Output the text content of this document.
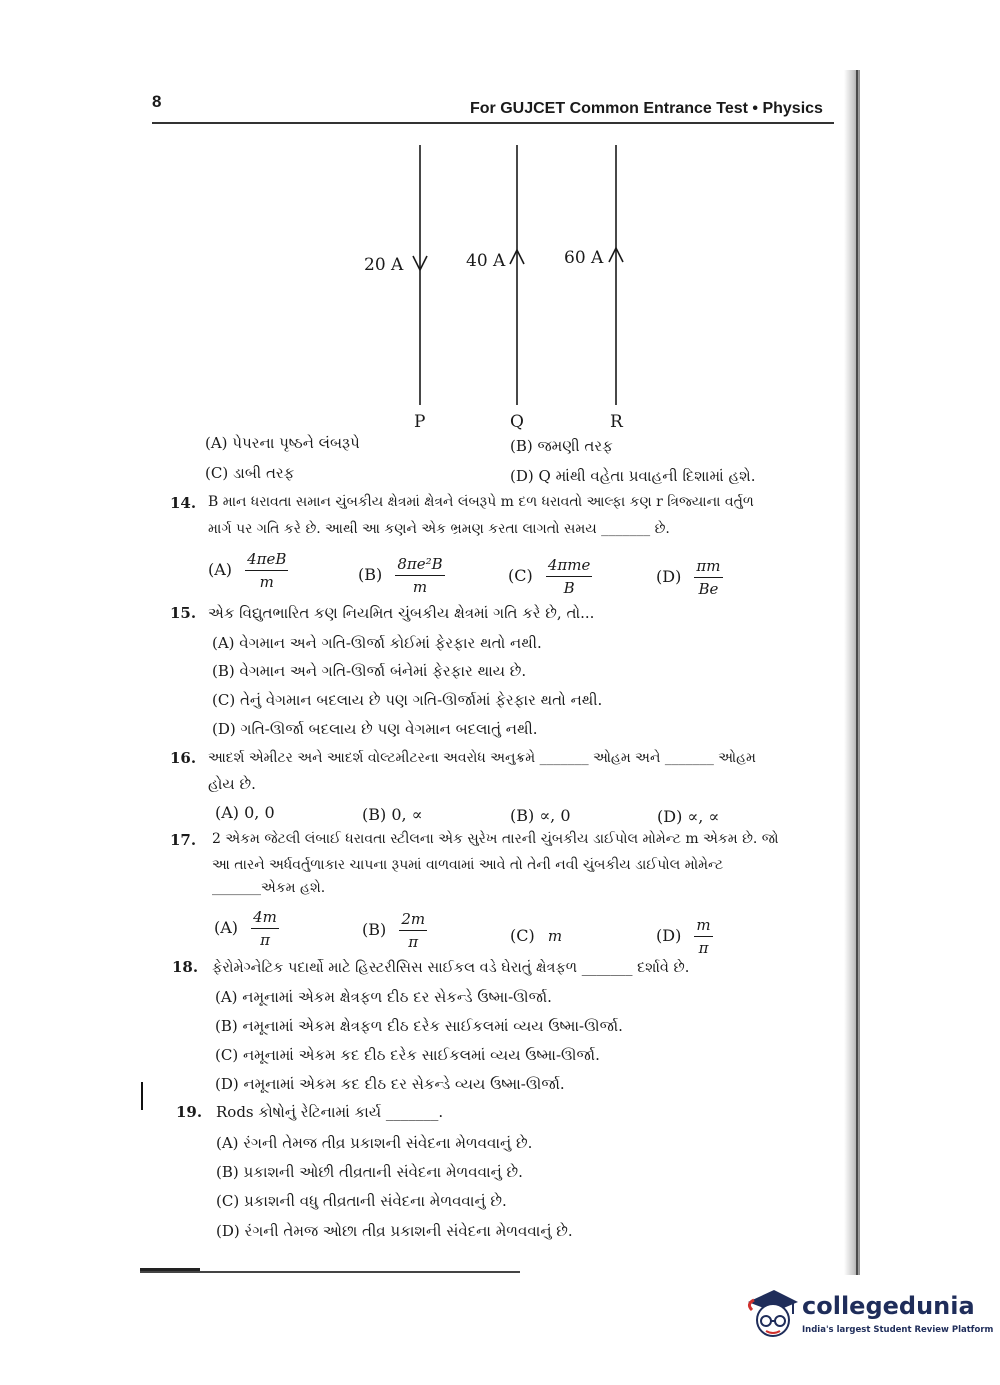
8	For GUJCET Common Entrance Test • Physics
20 A	40 A	60 A
P	Q	R
(A) પેપરના પૃષ્ઠને લંબરૂપે	(B) જમણી તરફ
(C) ડાબી તરફ	(D) Q માંથી વહેતા પ્રવાહની દિશામાં હશે.
14. B માન ધરાવતા સમાન ચુંબકીય ક્ષેત્રમાં ક્ષેત્રને લંબરૂપે m દળ ધરાવતો આલ્ફા કણ r ત્રિજ્યાના વર્તુળ
માર્ગ પર ગતિ કરે છે. આથી આ કણને એક ભ્રમણ કરતા લાગતો સમય _______ છે.
$(A) \frac{\text{4πeB}}{m}$	$(B) \frac{\text{8πe²B}}{m}$	$(C) \frac{\text{4πme}}{B}$	$(D) \frac{\pi m}{Be}$
15. એક વિદ્યુતભારિત કણ નિયમિત ચુંબકીય ક્ષેત્રમાં ગતિ કરે છે, તો...
(A) વેગમાન અને ગતિ-ઊર્જા કોઈમાં ફેરફાર થતો નથી.
(B) વેગમાન અને ગતિ-ઊર્જા બંનેમાં ફેરફાર થાય છે.
(C) તેનું વેગમાન બદલાય છે પણ ગતિ-ઊર્જામાં ફેરફાર થતો નથી.
(D) ગતિ-ઊર્જા બદલાય છે પણ વેગમાન બદલાતું નથી.
16. આદર્શ એમીટર અને આદર્શ વોલ્ટમીટરના અવરોધ અનુક્રમે _______ ઓહમ અને _______ ઓહમ
હોય છે.
(A) 0, 0	(B) 0, ∝	(B) ∝, 0	(D) ∝, ∝
17. 2 એકમ જેટલી લંબાઈ ધરાવતા સ્ટીલના એક સુરેખ તારની ચુંબકીય ડાઈપોલ મોમેન્ટ m એકમ છે. જો
આ તારને અર્ધવર્તુળાકાર ચાપના રૂપમાં વાળવામાં આવે તો તેની નવી ચુંબકીય ડાઈપોલ મોમેન્ટ
_______એકમ હશે.
$(A) \frac{4m}{\pi}$	$(B) \frac{2m}{\pi}$	(C) m	$(D) \frac{m}{\pi}$
18. ફેરોમેગ્નેટિક પદાર્થો માટે હિસ્ટરીસિસ સાઈકલ વડે ઘેરાતું ક્ષેત્રફળ _______ દર્શાવે છે.
(A) નમૂનામાં એકમ ક્ષેત્રફળ દીઠ દર સેકન્ડે ઉષ્મા-ઊર્જા.
(B) નમૂનામાં એકમ ક્ષેત્રફળ દીઠ દરેક સાઈકલમાં વ્યય ઉષ્મા-ઊર્જા.
(C) નમૂનામાં એકમ કદ દીઠ દરેક સાઈકલમાં વ્યય ઉષ્મા-ઊર્જા.
(D) નમૂનામાં એકમ કદ દીઠ દર સેકન્ડે વ્યય ઉષ્મા-ઊર્જા.
19. Rods કોષોનું રેટિનામાં કાર્ય _______.
(A) રંગની તેમજ તીવ્ર પ્રકાશની સંવેદના મેળવવાનું છે.
(B) પ્રકાશની ઓછી તીવ્રતાની સંવેદના મેળવવાનું છે.
(C) પ્રકાશની વધુ તીવ્રતાની સંવેદના મેળવવાનું છે.
(D) રંગની તેમજ ઓછા તીવ્ર પ્રકાશની સંવેદના મેળવવાનું છે.
collegedunia
India's largest Student Review Platform
